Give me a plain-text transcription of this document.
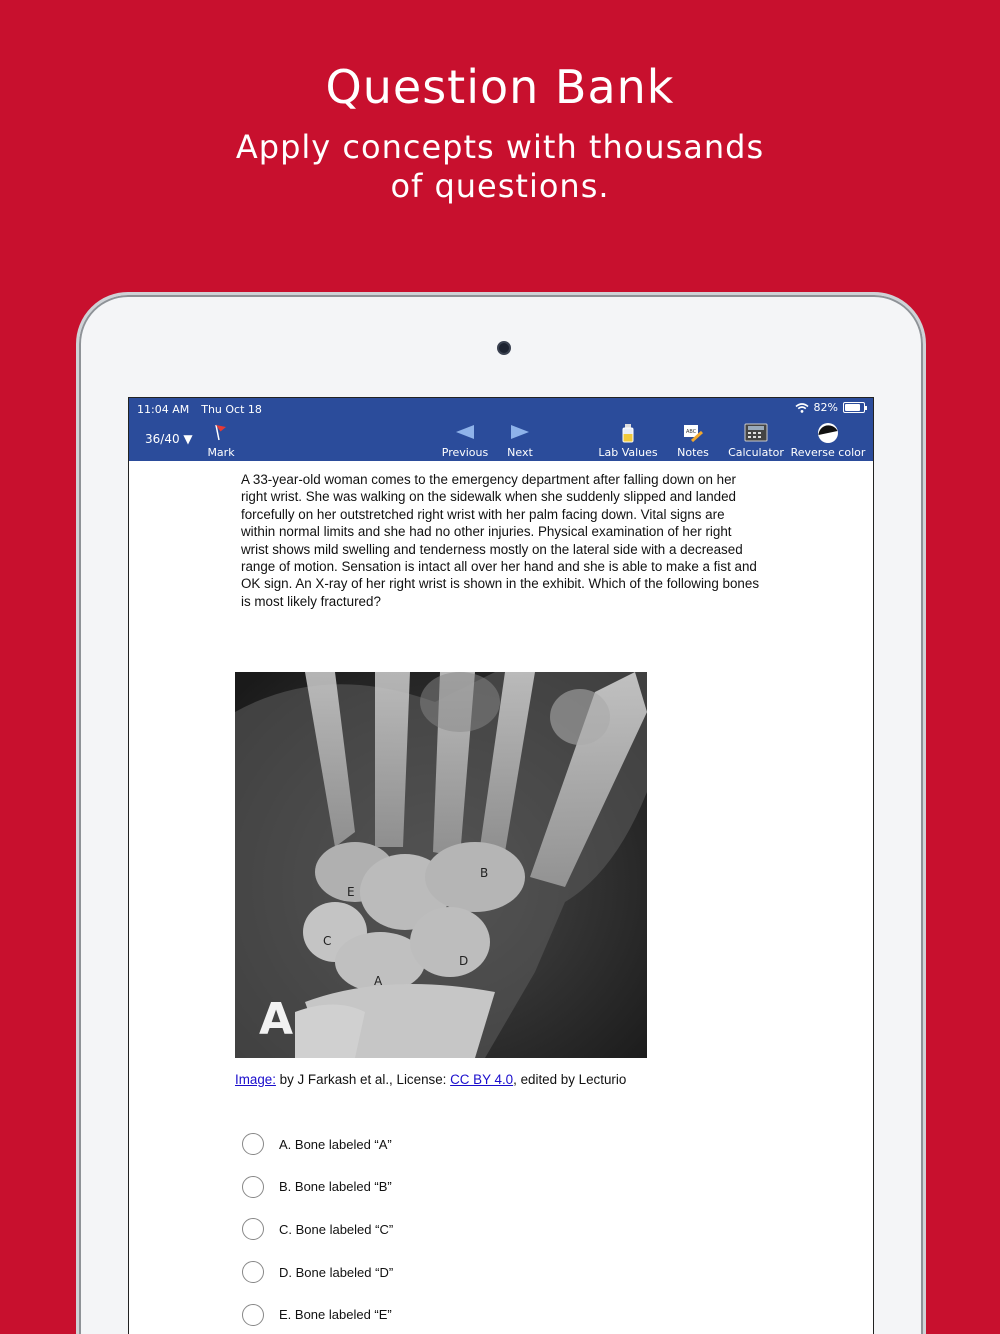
Question Bank
Apply concepts with thousands
of questions.
11:04 AM Thu Oct 18	82%
36/40 ▼
Mark	Previous	Next	Lab Values
ABC
Notes	Calculator Reverse color

A 33-year-old woman comes to the emergency department after falling down on her right wrist. She was walking on the sidewalk when she suddenly slipped and landed forcefully on her outstretched right wrist with her palm facing down. Vital signs are within normal limits and she had no other injuries. Physical examination of her right wrist shows mild swelling and tenderness mostly on the lateral side with a decreased range of motion. Sensation is intact all over her hand and she is able to make a fist and OK sign. An X-ray of her right wrist is shown in the exhibit. Which of the following bones is most likely fractured?

B
E
C
D
A
A
Image: by J Farkash et al., License: CC BY 4.0, edited by Lecturio
A. Bone labeled “A”
B. Bone labeled “B”
C. Bone labeled “C”
D. Bone labeled “D”
E. Bone labeled “E”
